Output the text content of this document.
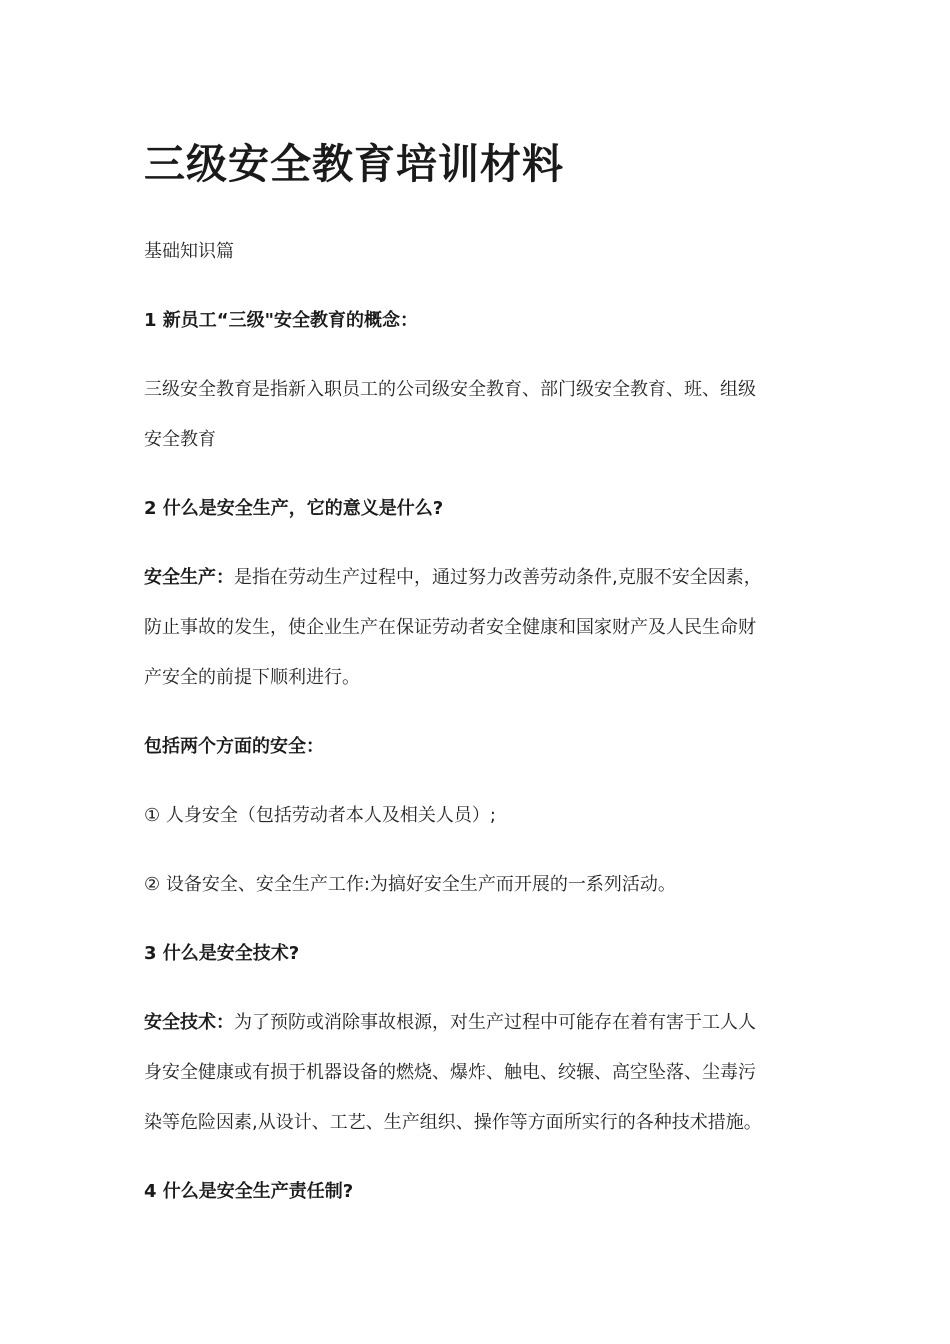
三级安全教育培训材料

基础知识篇

1 新员工“三级"安全教育的概念：

三级安全教育是指新入职员工的公司级安全教育、部门级安全教育、班、组级

安全教育

2 什么是安全生产，它的意义是什么?

安全生产：是指在劳动生产过程中，通过努力改善劳动条件,克服不安全因素，

防止事故的发生，使企业生产在保证劳动者安全健康和国家财产及人民生命财

产安全的前提下顺利进行。

包括两个方面的安全：

① 人身安全（包括劳动者本人及相关人员）;

② 设备安全、安全生产工作:为搞好安全生产而开展的一系列活动。

3 什么是安全技术?

安全技术：为了预防或消除事故根源，对生产过程中可能存在着有害于工人人

身安全健康或有损于机器设备的燃烧、爆炸、触电、绞辗、高空坠落、尘毒污

染等危险因素,从设计、工艺、生产组织、操作等方面所实行的各种技术措施。

4 什么是安全生产责任制?
